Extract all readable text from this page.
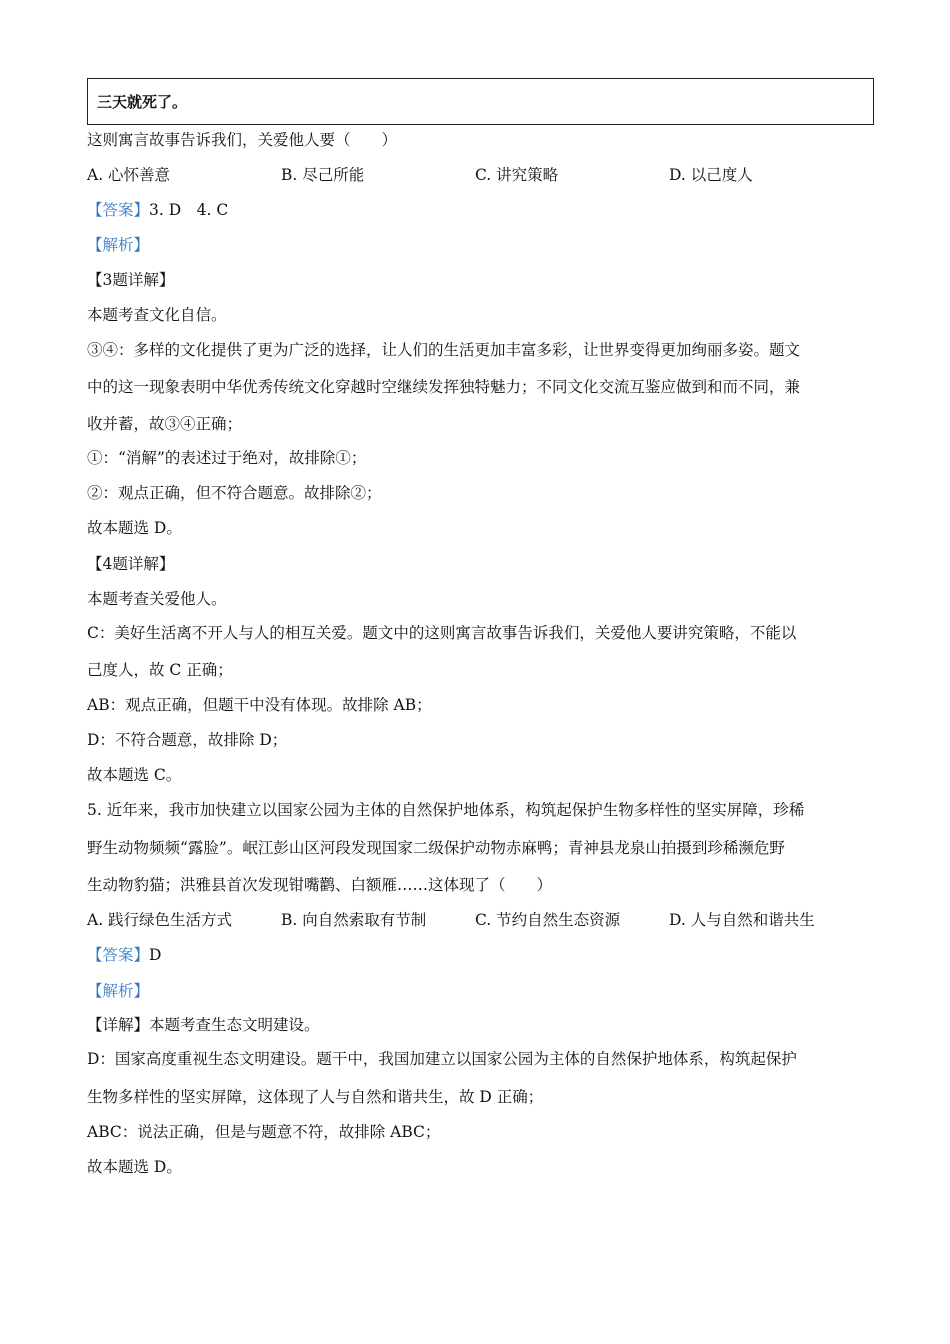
三天就死了。
这则寓言故事告诉我们，关爱他人要（　　）
A. 心怀善意	B. 尽己所能	C. 讲究策略	D. 以己度人
【答案】3. D　4. C
【解析】
【3题详解】
本题考查文化自信。
③④：多样的文化提供了更为广泛的选择，让人们的生活更加丰富多彩，让世界变得更加绚丽多姿。题文
中的这一现象表明中华优秀传统文化穿越时空继续发挥独特魅力；不同文化交流互鉴应做到和而不同，兼
收并蓄，故③④正确；
①：“消解”的表述过于绝对，故排除①；
②：观点正确，但不符合题意。故排除②；
故本题选 D。
【4题详解】
本题考查关爱他人。
C：美好生活离不开人与人的相互关爱。题文中的这则寓言故事告诉我们，关爱他人要讲究策略，不能以
己度人，故 C 正确；
AB：观点正确，但题干中没有体现。故排除 AB；
D：不符合题意，故排除 D；
故本题选 C。
5. 近年来，我市加快建立以国家公园为主体的自然保护地体系，构筑起保护生物多样性的坚实屏障，珍稀
野生动物频频“露脸”。岷江彭山区河段发现国家二级保护动物赤麻鸭；青神县龙泉山拍摄到珍稀濒危野
生动物豹猫；洪雅县首次发现钳嘴鹳、白额雁……这体现了（　　）
A. 践行绿色生活方式	B. 向自然索取有节制	C. 节约自然生态资源	D. 人与自然和谐共生
【答案】D
【解析】
【详解】本题考查生态文明建设。
D：国家高度重视生态文明建设。题干中，我国加建立以国家公园为主体的自然保护地体系，构筑起保护
生物多样性的坚实屏障，这体现了人与自然和谐共生，故 D 正确；
ABC：说法正确，但是与题意不符，故排除 ABC；
故本题选 D。
